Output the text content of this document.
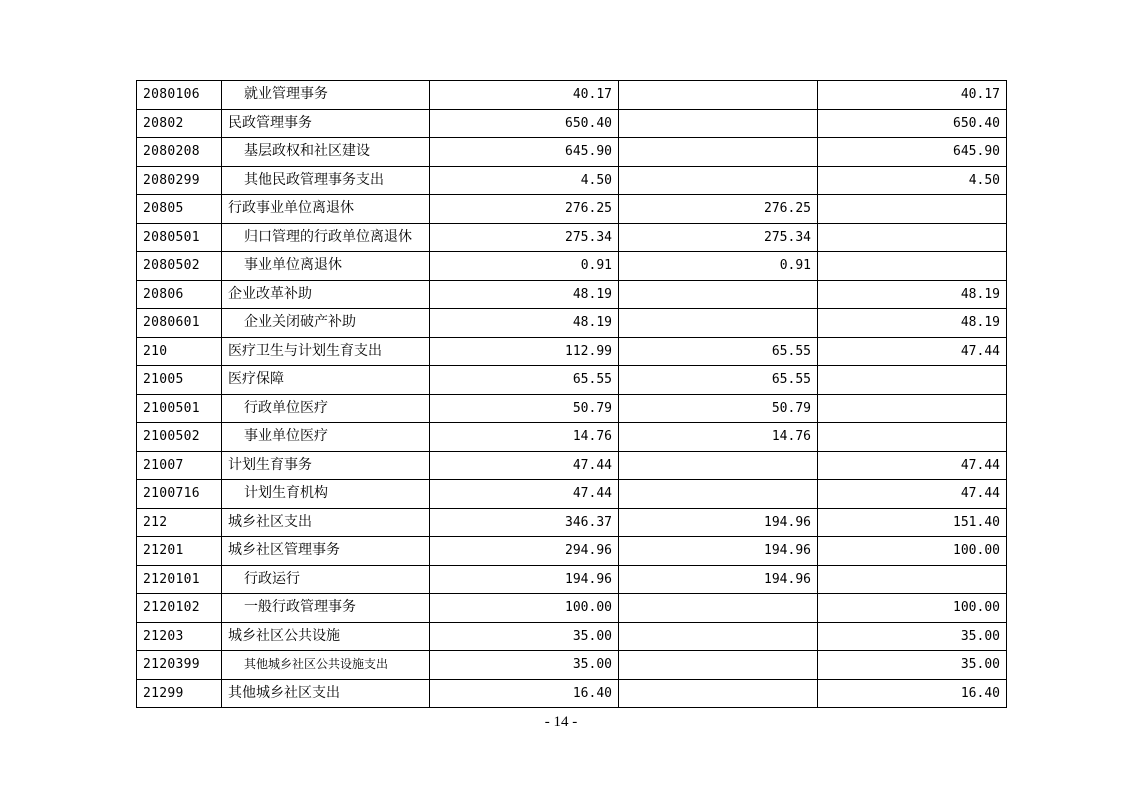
2080106	就业管理事务	40.17		40.17
20802	民政管理事务	650.40		650.40
2080208	基层政权和社区建设	645.90		645.90
2080299	其他民政管理事务支出	4.50		4.50
20805	行政事业单位离退休	276.25	276.25	
2080501	归口管理的行政单位离退休	275.34	275.34	
2080502	事业单位离退休	0.91	0.91	
20806	企业改革补助	48.19		48.19
2080601	企业关闭破产补助	48.19		48.19
210	医疗卫生与计划生育支出	112.99	65.55	47.44
21005	医疗保障	65.55	65.55	
2100501	行政单位医疗	50.79	50.79	
2100502	事业单位医疗	14.76	14.76	
21007	计划生育事务	47.44		47.44
2100716	计划生育机构	47.44		47.44
212	城乡社区支出	346.37	194.96	151.40
21201	城乡社区管理事务	294.96	194.96	100.00
2120101	行政运行	194.96	194.96	
2120102	一般行政管理事务	100.00		100.00
21203	城乡社区公共设施	35.00		35.00
2120399	其他城乡社区公共设施支出	35.00		35.00
21299	其他城乡社区支出	16.40		16.40
- 14 -
